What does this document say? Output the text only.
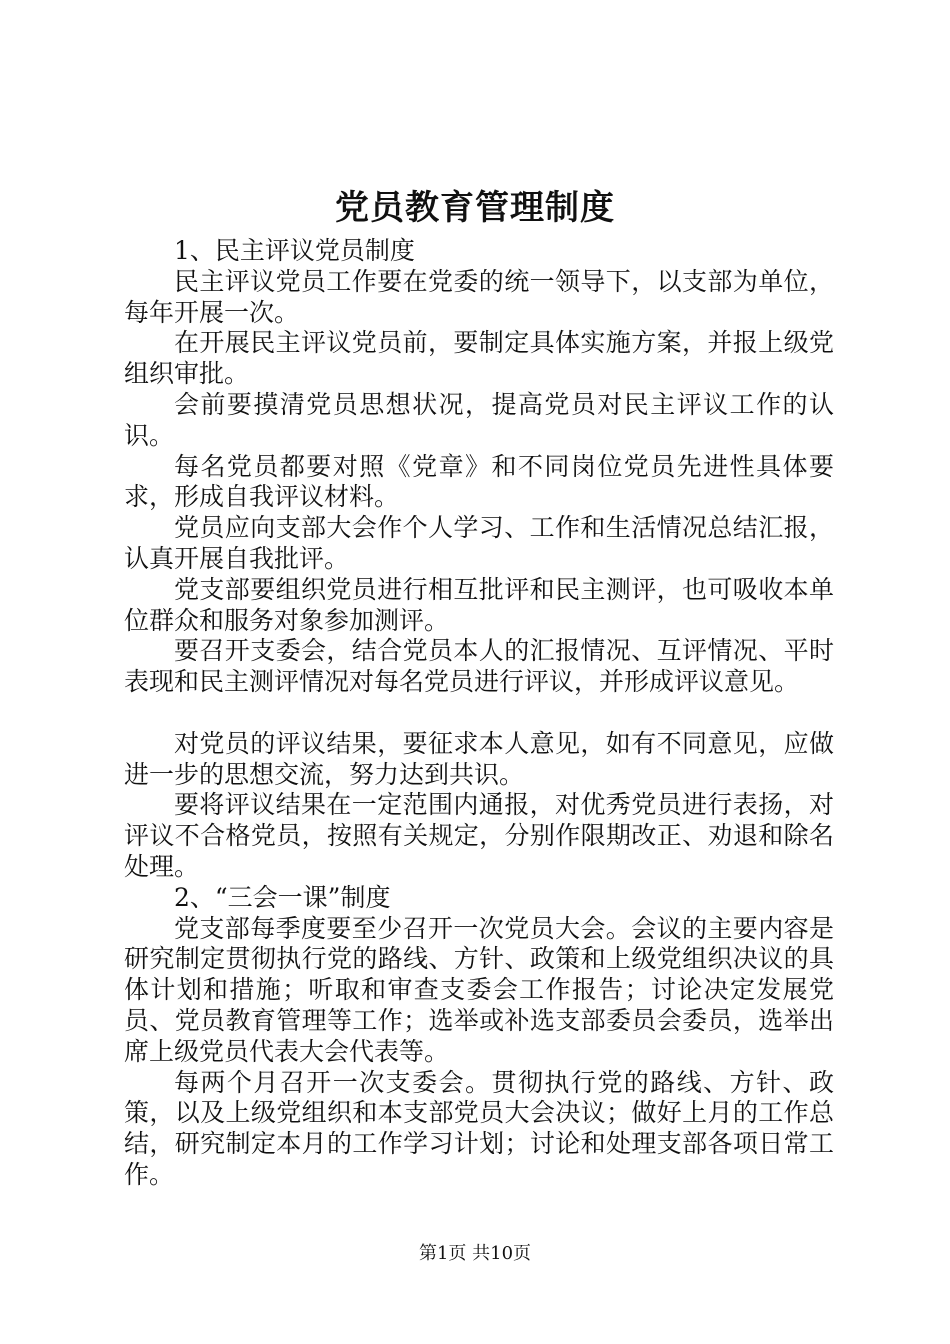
党员教育管理制度

1、民主评议党员制度

民主评议党员工作要在党委的统一领导下，以支部为单位，每年开展一次。

在开展民主评议党员前，要制定具体实施方案，并报上级党组织审批。

会前要摸清党员思想状况，提高党员对民主评议工作的认识。

每名党员都要对照《党章》和不同岗位党员先进性具体要求，形成自我评议材料。

党员应向支部大会作个人学习、工作和生活情况总结汇报，认真开展自我批评。

党支部要组织党员进行相互批评和民主测评，也可吸收本单位群众和服务对象参加测评。

要召开支委会，结合党员本人的汇报情况、互评情况、平时表现和民主测评情况对每名党员进行评议，并形成评议意见。

对党员的评议结果，要征求本人意见，如有不同意见，应做进一步的思想交流，努力达到共识。

要将评议结果在一定范围内通报，对优秀党员进行表扬，对评议不合格党员，按照有关规定，分别作限期改正、劝退和除名处理。

2、“三会一课”制度

党支部每季度要至少召开一次党员大会。会议的主要内容是研究制定贯彻执行党的路线、方针、政策和上级党组织决议的具体计划和措施；听取和审查支委会工作报告；讨论决定发展党员、党员教育管理等工作；选举或补选支部委员会委员，选举出席上级党员代表大会代表等。

每两个月召开一次支委会。贯彻执行党的路线、方针、政策，以及上级党组织和本支部党员大会决议；做好上月的工作总结，研究制定本月的工作学习计划；讨论和处理支部各项日常工作。

第1页 共10页
